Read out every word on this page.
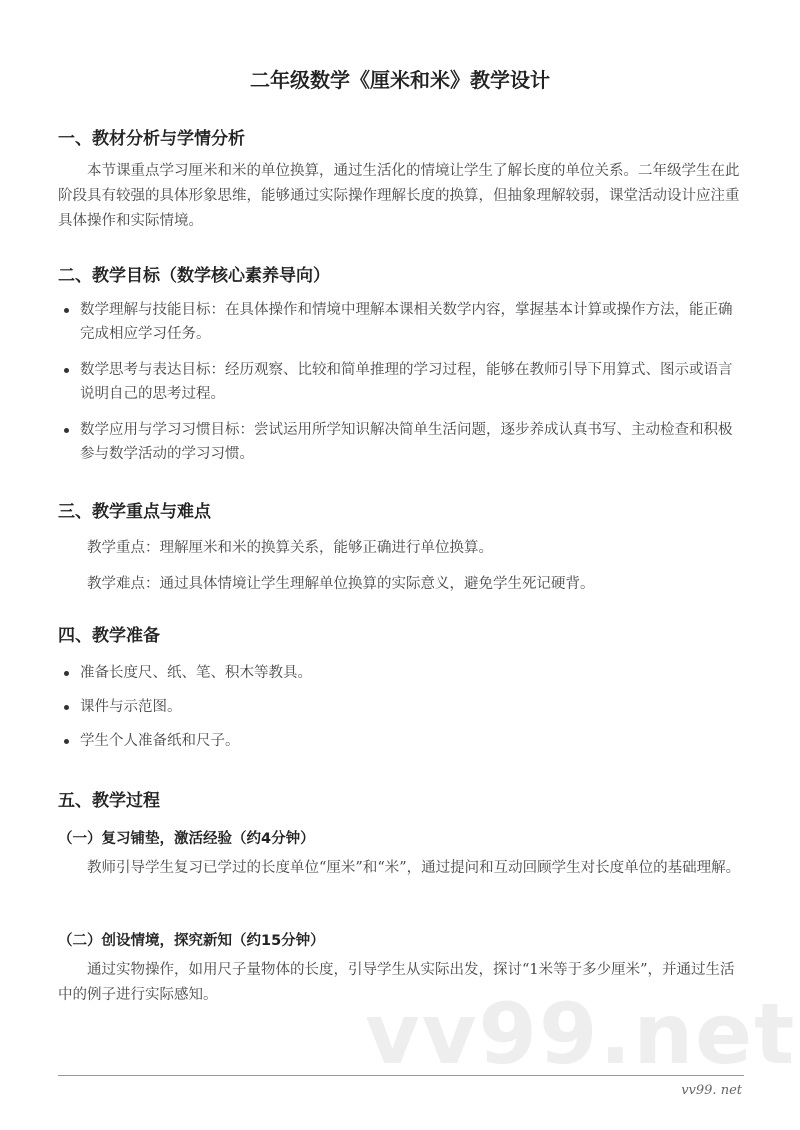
二年级数学《厘米和米》教学设计
一、教材分析与学情分析

本节课重点学习厘米和米的单位换算，通过生活化的情境让学生了解长度的单位关系。二年级学生在此阶段具有较强的具体形象思维，能够通过实际操作理解长度的换算，但抽象理解较弱，课堂活动设计应注重具体操作和实际情境。

二、教学目标（数学核心素养导向）
数学理解与技能目标：在具体操作和情境中理解本课相关数学内容，掌握基本计算或操作方法，能正确完成相应学习任务。
数学思考与表达目标：经历观察、比较和简单推理的学习过程，能够在教师引导下用算式、图示或语言说明自己的思考过程。
数学应用与学习习惯目标：尝试运用所学知识解决简单生活问题，逐步养成认真书写、主动检查和积极参与数学活动的学习习惯。
三、教学重点与难点

教学重点：理解厘米和米的换算关系，能够正确进行单位换算。

教学难点：通过具体情境让学生理解单位换算的实际意义，避免学生死记硬背。

四、教学准备
准备长度尺、纸、笔、积木等教具。
课件与示范图。
学生个人准备纸和尺子。
五、教学过程
（一）复习铺垫，激活经验（约4分钟）

教师引导学生复习已学过的长度单位“厘米”和“米”，通过提问和互动回顾学生对长度单位的基础理解。

（二）创设情境，探究新知（约15分钟）

通过实物操作，如用尺子量物体的长度，引导学生从实际出发，探讨“1米等于多少厘米”，并通过生活中的例子进行实际感知。	vv99.net
vv99. net
